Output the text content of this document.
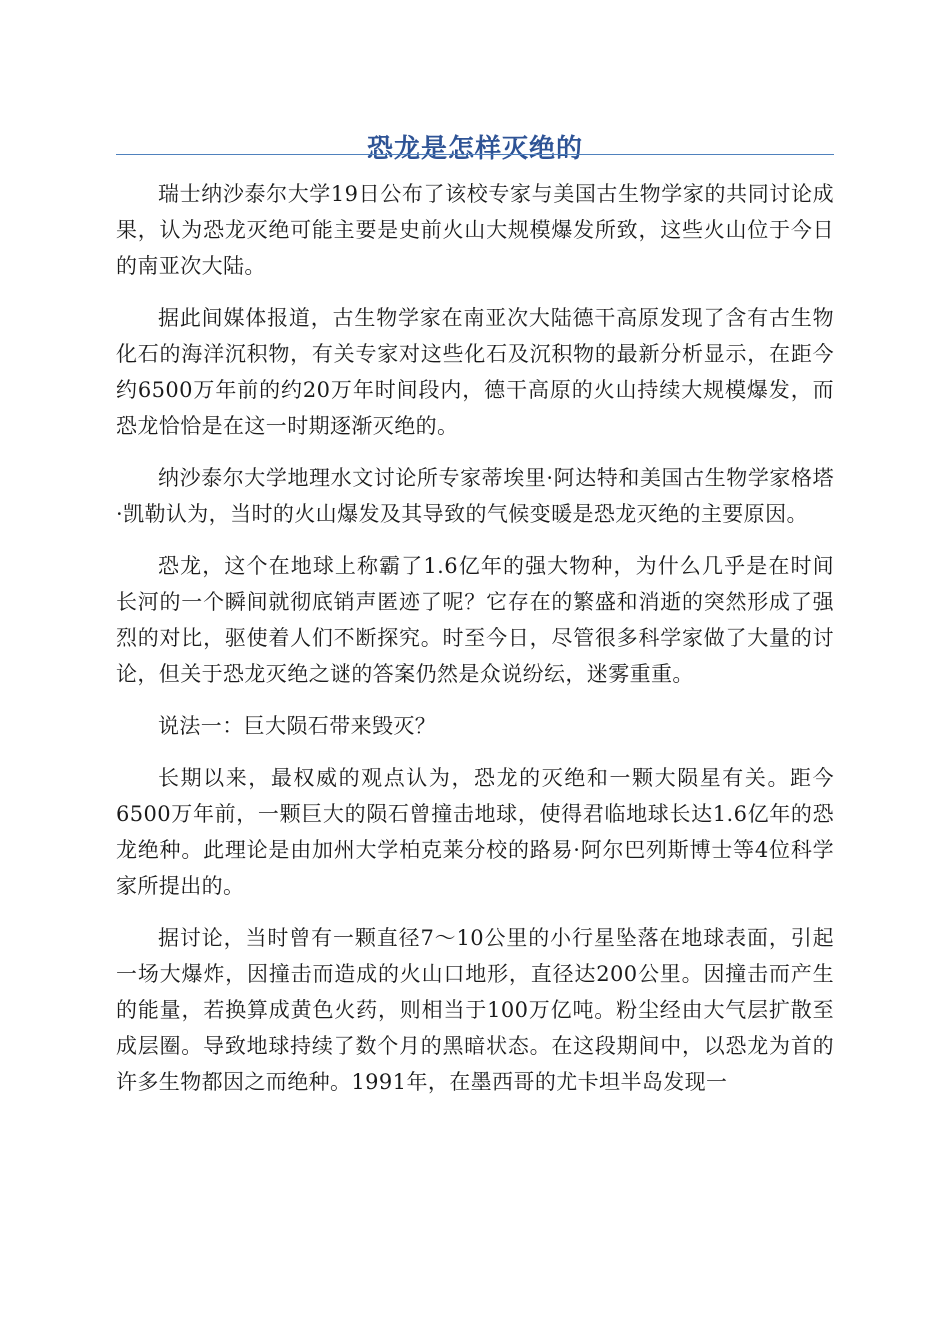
恐龙是怎样灭绝的

瑞士纳沙泰尔大学19日公布了该校专家与美国古生物学家的共同讨论成果，认为恐龙灭绝可能主要是史前火山大规模爆发所致，这些火山位于今日的南亚次大陆。

据此间媒体报道，古生物学家在南亚次大陆德干高原发现了含有古生物化石的海洋沉积物，有关专家对这些化石及沉积物的最新分析显示，在距今约6500万年前的约20万年时间段内，德干高原的火山持续大规模爆发，而恐龙恰恰是在这一时期逐渐灭绝的。

纳沙泰尔大学地理水文讨论所专家蒂埃里·阿达特和美国古生物学家格塔·凯勒认为，当时的火山爆发及其导致的气候变暖是恐龙灭绝的主要原因。

恐龙，这个在地球上称霸了1.6亿年的强大物种，为什么几乎是在时间长河的一个瞬间就彻底销声匿迹了呢？它存在的繁盛和消逝的突然形成了强烈的对比，驱使着人们不断探究。时至今日，尽管很多科学家做了大量的讨论，但关于恐龙灭绝之谜的答案仍然是众说纷纭，迷雾重重。

说法一：巨大陨石带来毁灭？

长期以来，最权威的观点认为，恐龙的灭绝和一颗大陨星有关。距今6500万年前，一颗巨大的陨石曾撞击地球，使得君临地球长达1.6亿年的恐龙绝种。此理论是由加州大学柏克莱分校的路易·阿尔巴列斯博士等4位科学家所提出的。

据讨论，当时曾有一颗直径7～10公里的小行星坠落在地球表面，引起一场大爆炸，因撞击而造成的火山口地形，直径达200公里。因撞击而产生的能量，若换算成黄色火药，则相当于100万亿吨。粉尘经由大气层扩散至成层圈。导致地球持续了数个月的黑暗状态。在这段期间中，以恐龙为首的许多生物都因之而绝种。1991年，在墨西哥的尤卡坦半岛发现一
